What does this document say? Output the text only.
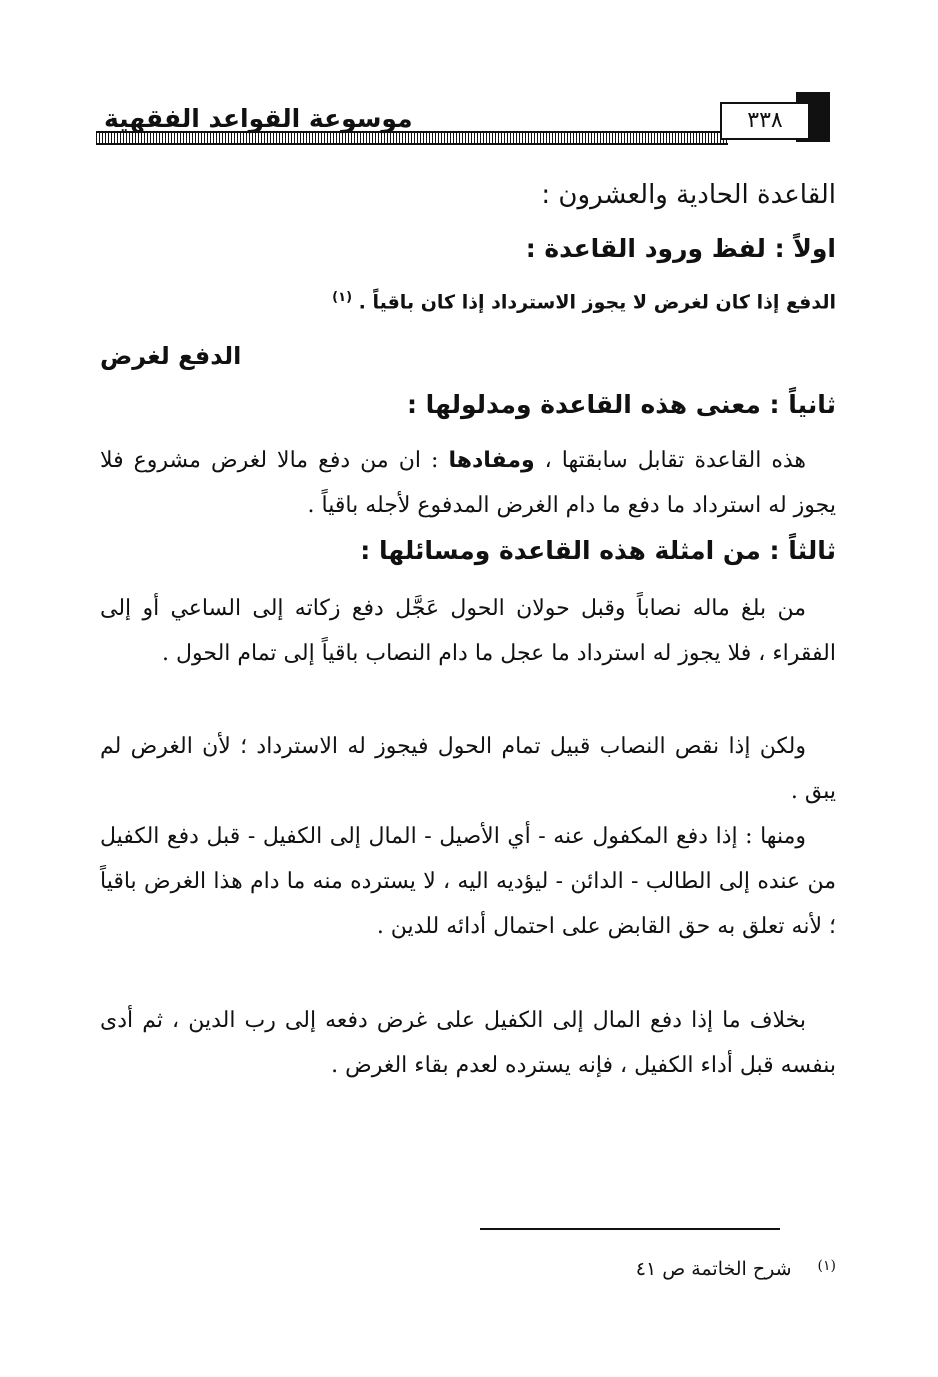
٣٣٨
موسوعة القواعد الفقهية
القاعدة الحادية والعشرون :
اولاً : لفظ ورود القاعدة :
الدفع إذا كان لغرض لا يجوز الاسترداد إذا كان باقياً . $^{(١)}$
الدفع لغرض
ثانياً : معنى هذه القاعدة ومدلولها :
هذه القاعدة تقابل سابقتها ، ومفادها : ان من دفع مالا لغرض مشروع فلا يجوز له استرداد ما دفع ما دام الغرض المدفوع لأجله باقياً .
ثالثاً : من امثلة هذه القاعدة ومسائلها :
من بلغ ماله نصاباً وقبل حولان الحول عَجَّل دفع زكاته إلى الساعي أو إلى الفقراء ، فلا يجوز له استرداد ما عجل ما دام النصاب باقياً إلى تمام الحول .
ولكن إذا نقص النصاب قبيل تمام الحول فيجوز له الاسترداد ؛ لأن الغرض لم يبق .
ومنها : إذا دفع المكفول عنه - أي الأصيل - المال إلى الكفيل - قبل دفع الكفيل من عنده إلى الطالب - الدائن - ليؤديه اليه ، لا يسترده منه ما دام هذا الغرض باقياً ؛ لأنه تعلق به حق القابض على احتمال أدائه للدين .
بخلاف ما إذا دفع المال إلى الكفيل على غرض دفعه إلى رب الدين ، ثم أدى بنفسه قبل أداء الكفيل ، فإنه يسترده لعدم بقاء الغرض .
$^{(١)}$شرح الخاتمة ص ٤١
